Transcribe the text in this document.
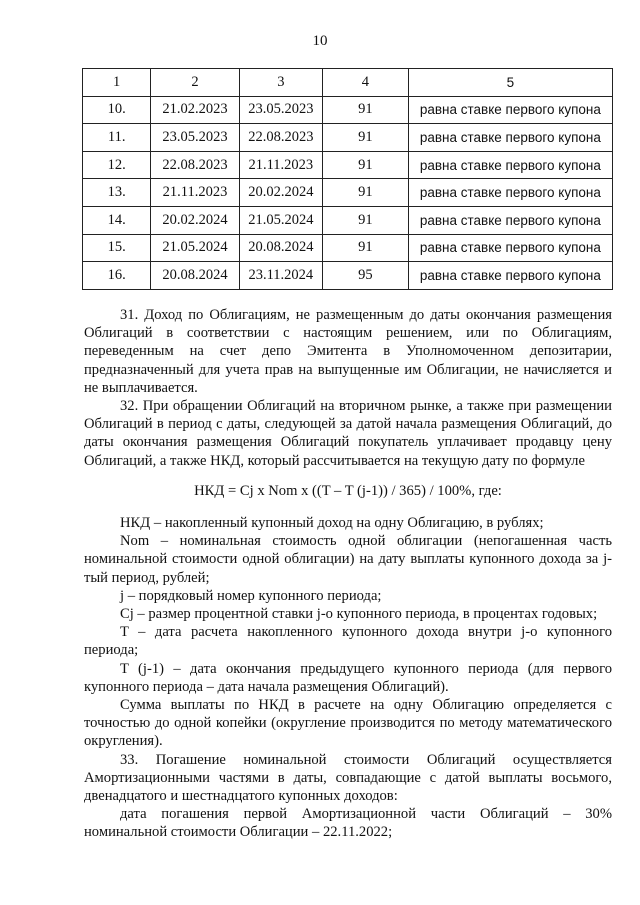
10
1	2	3	4	5
10.	21.02.2023	23.05.2023	91	равна ставке первого купона
11.	23.05.2023	22.08.2023	91	равна ставке первого купона
12.	22.08.2023	21.11.2023	91	равна ставке первого купона
13.	21.11.2023	20.02.2024	91	равна ставке первого купона
14.	20.02.2024	21.05.2024	91	равна ставке первого купона
15.	21.05.2024	20.08.2024	91	равна ставке первого купона
16.	20.08.2024	23.11.2024	95	равна ставке первого купона

31. Доход по Облигациям, не размещенным до даты окончания размещения Облигаций в соответствии с настоящим решением, или по Облигациям, переведенным на счет депо Эмитента в Уполномоченном депозитарии, предназначенный для учета прав на выпущенные им Облигации, не начисляется и не выплачивается.

32. При обращении Облигаций на вторичном рынке, а также при размещении Облигаций в период с даты, следующей за датой начала размещения Облигаций, до даты окончания размещения Облигаций покупатель уплачивает продавцу цену Облигаций, а также НКД, который рассчитывается на текущую дату по формуле

НКД = Cj x Nom x ((T – T (j-1)) / 365) / 100%, где:

НКД – накопленный купонный доход на одну Облигацию, в рублях;

Nom – номинальная стоимость одной облигации (непогашенная часть номинальной стоимости одной облигации) на дату выплаты купонного дохода за j-тый период, рублей;

j – порядковый номер купонного периода;

Cj – размер процентной ставки j-о купонного периода, в процентах годовых;

T – дата расчета накопленного купонного дохода внутри j-о купонного периода;

T (j-1) – дата окончания предыдущего купонного периода (для первого купонного периода – дата начала размещения Облигаций).

Сумма выплаты по НКД в расчете на одну Облигацию определяется с точностью до одной копейки (округление производится по методу математического округления).

33. Погашение номинальной стоимости Облигаций осуществляется Амортизационными частями в даты, совпадающие с датой выплаты восьмого, двенадцатого и шестнадцатого купонных доходов:

дата погашения первой Амортизационной части Облигаций – 30% номинальной стоимости Облигации – 22.11.2022;
